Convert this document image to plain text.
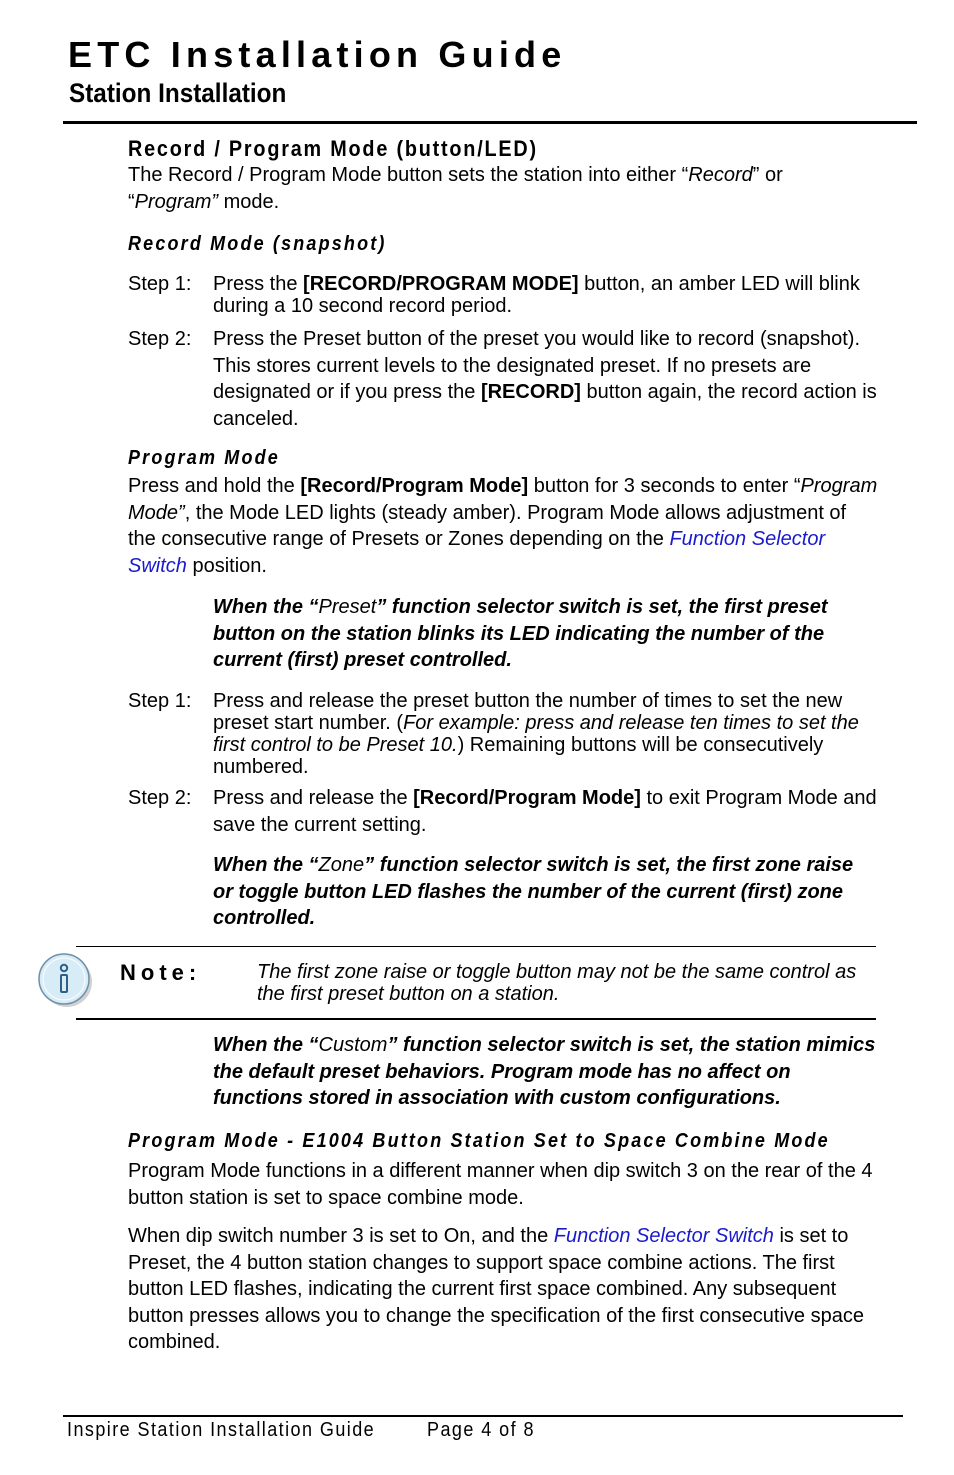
ETC Installation Guide
Station Installation
Record / Program Mode (button/LED)
The Record / Program Mode button sets the station into either “Record” or “Program” mode.
Record Mode (snapshot)
Step 1: Press the [RECORD/PROGRAM MODE] button, an amber LED will blink during a 10 second record period.
Step 2: Press the Preset button of the preset you would like to record (snapshot). This stores current levels to the designated preset. If no presets are designated or if you press the [RECORD] button again, the record action is canceled.
Program Mode
Press and hold the [Record/Program Mode] button for 3 seconds to enter “Program Mode”, the Mode LED lights (steady amber). Program Mode allows adjustment of the consecutive range of Presets or Zones depending on the Function Selector Switch position.
When the “Preset” function selector switch is set, the first preset button on the station blinks its LED indicating the number of the current (first) preset controlled.
Step 1: Press and release the preset button the number of times to set the new preset start number. (For example: press and release ten times to set the first control to be Preset 10.) Remaining buttons will be consecutively numbered.
Step 2: Press and release the [Record/Program Mode] to exit Program Mode and save the current setting.
When the “Zone” function selector switch is set, the first zone raise or toggle button LED flashes the number of the current (first) zone controlled.
Note:	The first zone raise or toggle button may not be the same control as the first preset button on a station.
When the “Custom” function selector switch is set, the station mimics the default preset behaviors. Program mode has no affect on functions stored in association with custom configurations.
Program Mode - E1004 Button Station Set to Space Combine Mode
Program Mode functions in a different manner when dip switch 3 on the rear of the 4 button station is set to space combine mode.
When dip switch number 3 is set to On, and the Function Selector Switch is set to Preset, the 4 button station changes to support space combine actions. The first button LED flashes, indicating the current first space combined. Any subsequent button presses allows you to change the specification of the first consecutive space combined.
Inspire Station Installation Guide	Page 4 of 8
